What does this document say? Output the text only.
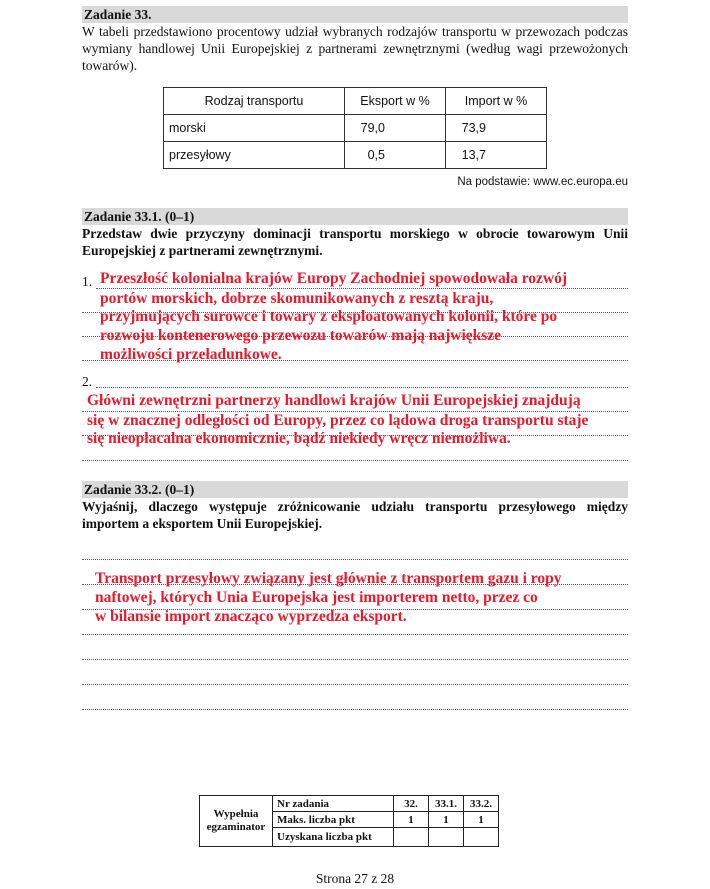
Zadanie 33.
W tabeli przedstawiono procentowy udział wybranych rodzajów transportu w przewozach podczas wymiany handlowej Unii Europejskiej z partnerami zewnętrznymi (według wagi przewożonych towarów).
Rodzaj transportu	Eksport w %	Import w %
morski	79,0	73,9
przesyłowy	0,5	13,7
Na podstawie: www.ec.europa.eu
Zadanie 33.1. (0–1)
Przedstaw dwie przyczyny dominacji transportu morskiego w obrocie towarowym Unii Europejskiej z partnerami zewnętrznymi.
1. Przeszłość kolonialna krajów Europy Zachodniej spowodowała rozwój
portów morskich, dobrze skomunikowanych z resztą kraju,
przyjmujących surowce i towary z eksploatowanych kolonii, które po
rozwoju kontenerowego przewozu towarów mają największe
możliwości przeładunkowe.
2.
Główni zewnętrzni partnerzy handlowi krajów Unii Europejskiej znajdują
się w znacznej odległości od Europy, przez co lądowa droga transportu staje
się nieopłacalna ekonomicznie, bądź niekiedy wręcz niemożliwa.
Zadanie 33.2. (0–1)
Wyjaśnij, dlaczego występuje zróżnicowanie udziału transportu przesyłowego między importem a eksportem Unii Europejskiej.
Transport przesyłowy związany jest głównie z transportem gazu i ropy
naftowej, których Unia Europejska jest importerem netto, przez co
w bilansie import znacząco wyprzedza eksport.
Wypełnia
egzaminator	Nr zadania	32.	33.1.	33.2.
	Maks. liczba pkt	1	1	1
	Uzyskana liczba pkt			
Strona 27 z 28
